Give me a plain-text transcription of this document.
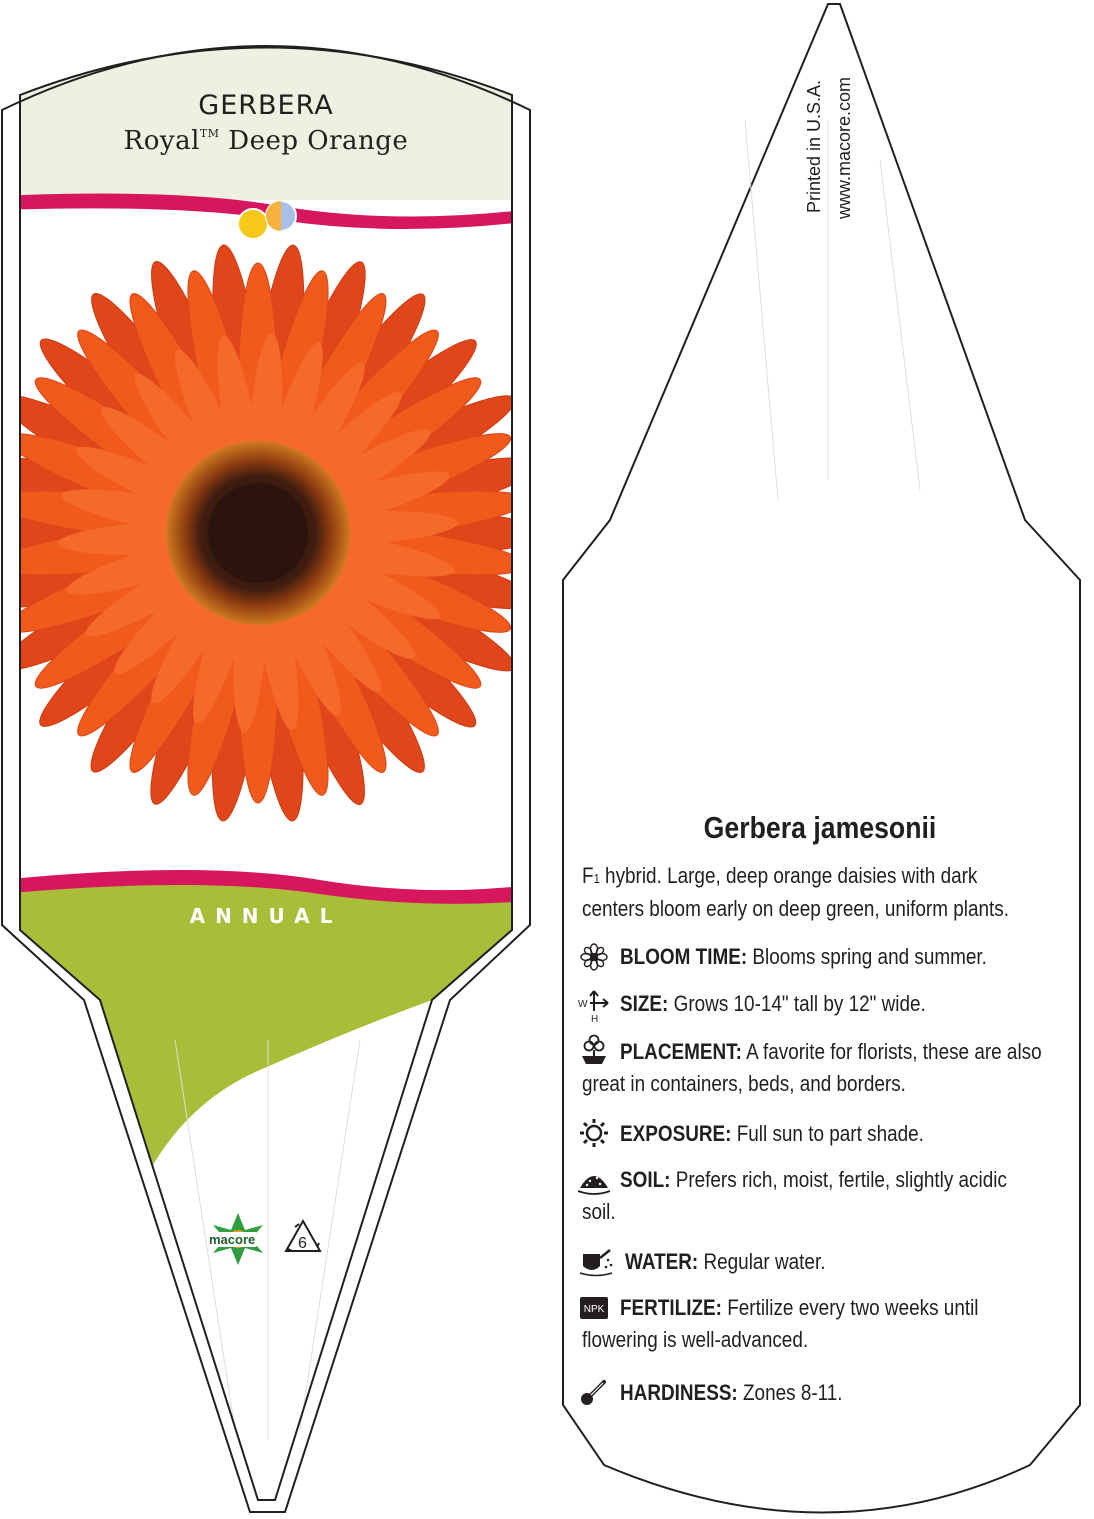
W
H
NPK
GERBERA
Royal™ Deep Orange
ANNUAL
macore	6
Printed in U.S.A. www.macore.com
Gerbera jamesonii
F1 hybrid. Large, deep orange daisies with dark
centers bloom early on deep green, uniform plants.
BLOOM TIME: Blooms spring and summer.
SIZE: Grows 10-14" tall by 12" wide.
PLACEMENT: A favorite for florists, these are also
great in containers, beds, and borders.
EXPOSURE: Full sun to part shade.
SOIL: Prefers rich, moist, fertile, slightly acidic
soil.
WATER: Regular water.
FERTILIZE: Fertilize every two weeks until
flowering is well-advanced.
HARDINESS: Zones 8-11.
